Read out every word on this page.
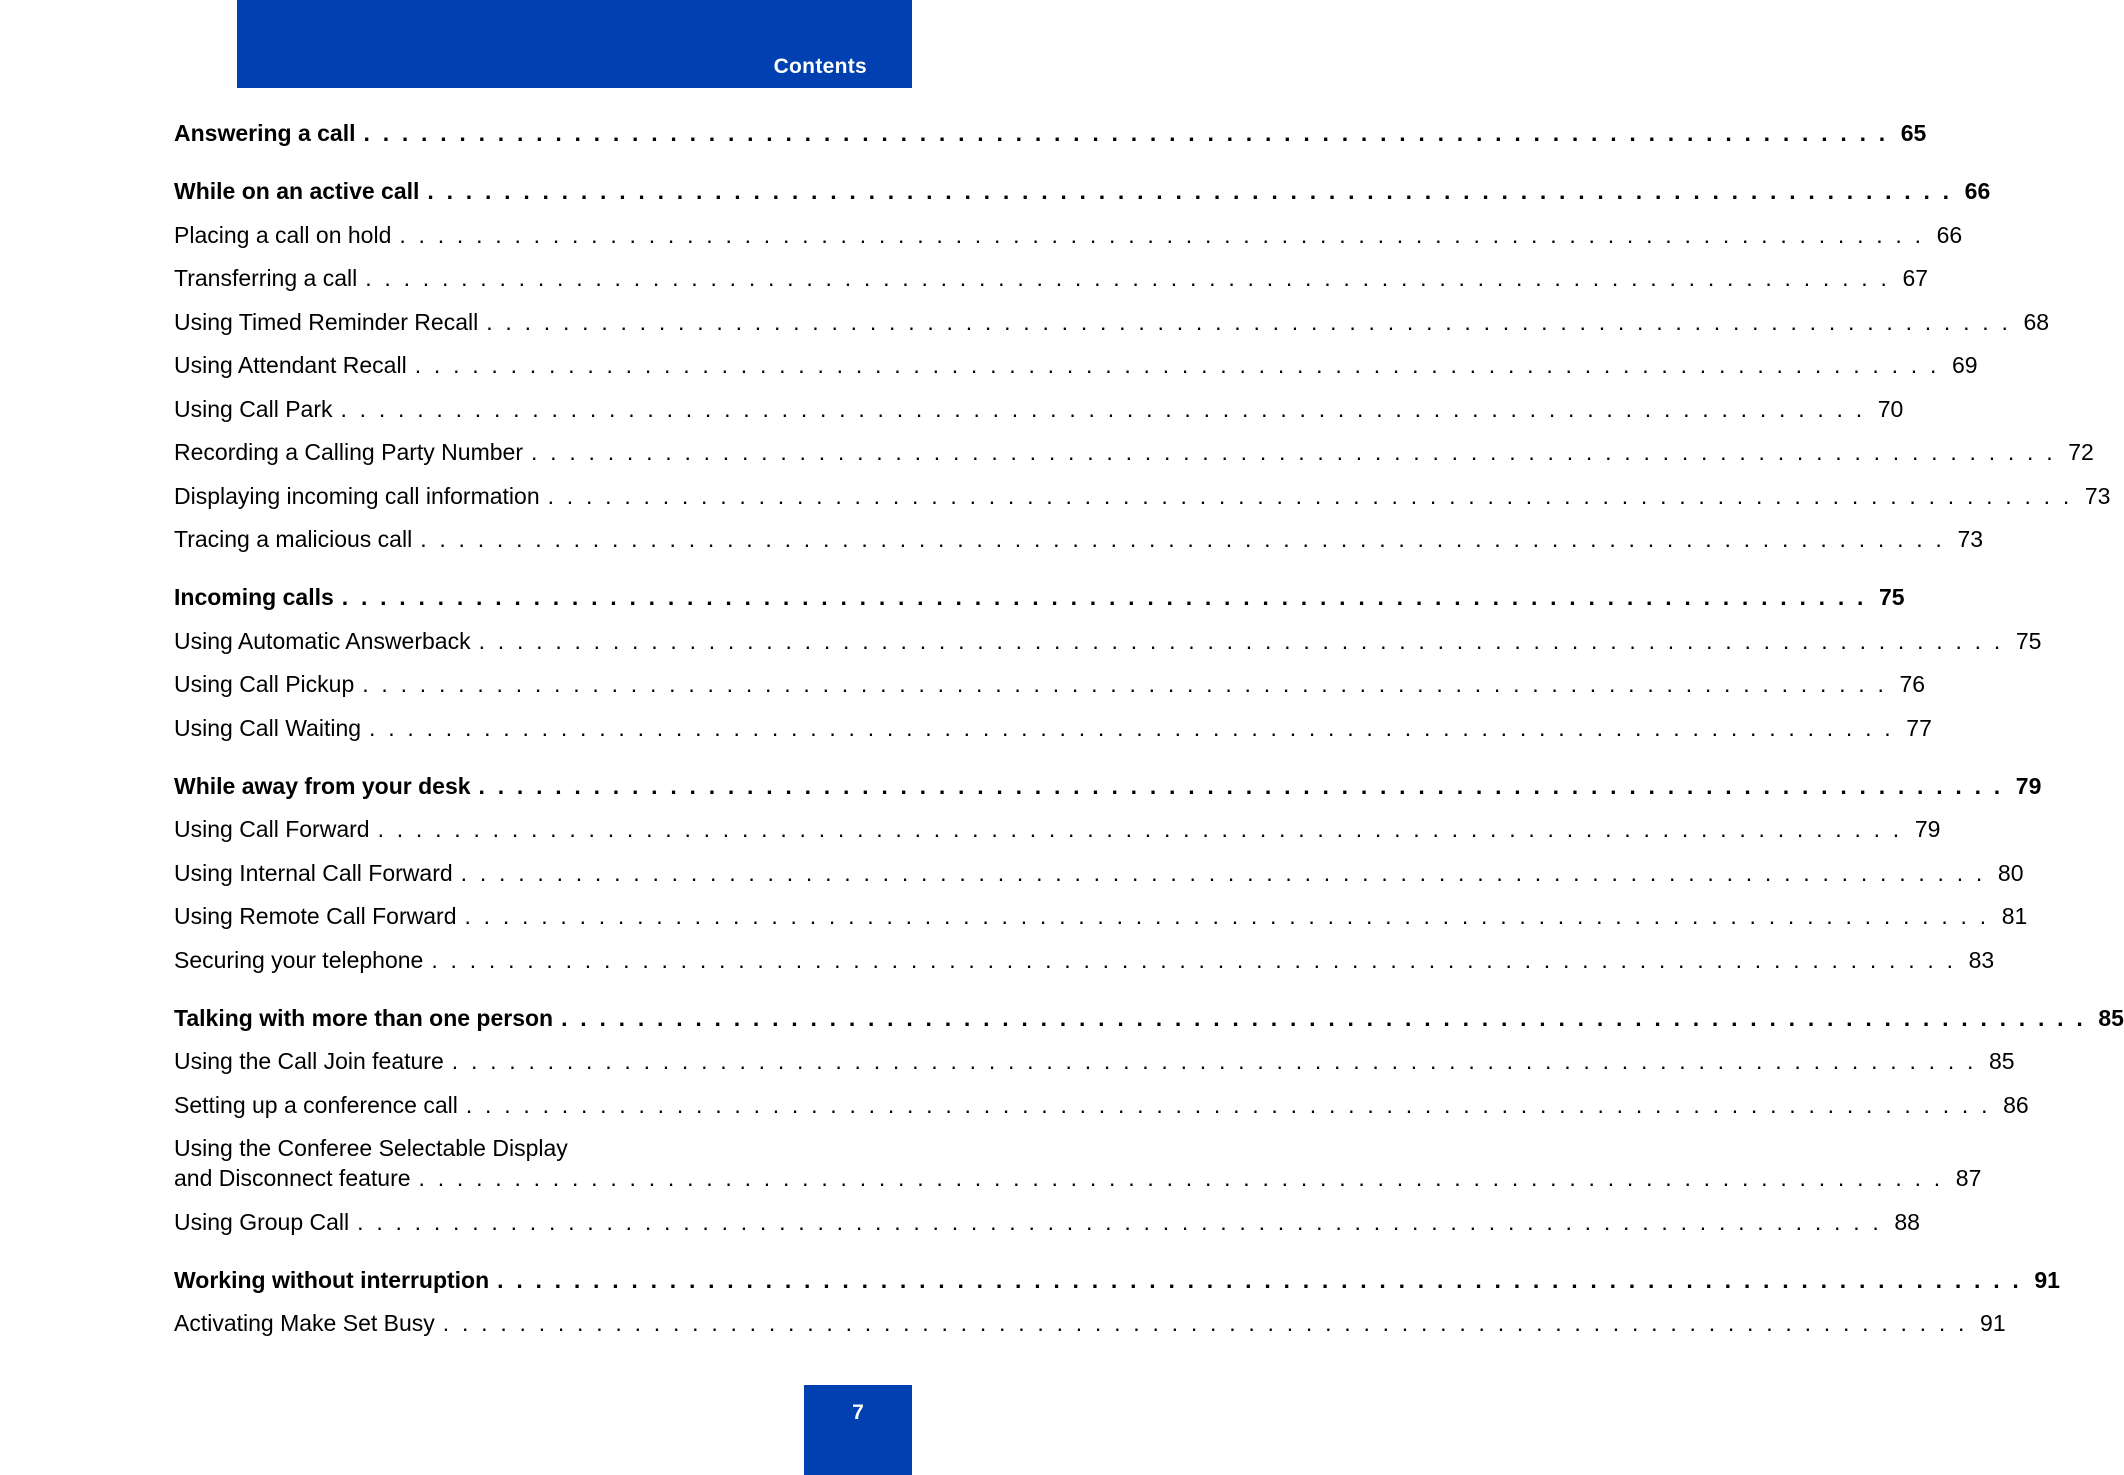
Contents
Answering a call . . . . . . . . . . . . . . . . . . . . . . . . . . . . . . . . . . . . . . . . . . . . . . . . . . . . . . . . . . . . . . . . . . . . . . . . . . . . . . . . 65
While on an active call . . . . . . . . . . . . . . . . . . . . . . . . . . . . . . . . . . . . . . . . . . . . . . . . . . . . . . . . . . . . . . . . . . . . . . . . . . . . . . . . 66
Placing a call on hold . . . . . . . . . . . . . . . . . . . . . . . . . . . . . . . . . . . . . . . . . . . . . . . . . . . . . . . . . . . . . . . . . . . . . . . . . . . . . . . . 66
Transferring a call . . . . . . . . . . . . . . . . . . . . . . . . . . . . . . . . . . . . . . . . . . . . . . . . . . . . . . . . . . . . . . . . . . . . . . . . . . . . . . . . 67
Using Timed Reminder Recall . . . . . . . . . . . . . . . . . . . . . . . . . . . . . . . . . . . . . . . . . . . . . . . . . . . . . . . . . . . . . . . . . . . . . . . . . . . . . . . . 68
Using Attendant Recall . . . . . . . . . . . . . . . . . . . . . . . . . . . . . . . . . . . . . . . . . . . . . . . . . . . . . . . . . . . . . . . . . . . . . . . . . . . . . . . . 69
Using Call Park . . . . . . . . . . . . . . . . . . . . . . . . . . . . . . . . . . . . . . . . . . . . . . . . . . . . . . . . . . . . . . . . . . . . . . . . . . . . . . . . 70
Recording a Calling Party Number . . . . . . . . . . . . . . . . . . . . . . . . . . . . . . . . . . . . . . . . . . . . . . . . . . . . . . . . . . . . . . . . . . . . . . . . . . . . . . . . 72
Displaying incoming call information . . . . . . . . . . . . . . . . . . . . . . . . . . . . . . . . . . . . . . . . . . . . . . . . . . . . . . . . . . . . . . . . . . . . . . . . . . . . . . . . 73
Tracing a malicious call . . . . . . . . . . . . . . . . . . . . . . . . . . . . . . . . . . . . . . . . . . . . . . . . . . . . . . . . . . . . . . . . . . . . . . . . . . . . . . . . 73
Incoming calls . . . . . . . . . . . . . . . . . . . . . . . . . . . . . . . . . . . . . . . . . . . . . . . . . . . . . . . . . . . . . . . . . . . . . . . . . . . . . . . . 75
Using Automatic Answerback . . . . . . . . . . . . . . . . . . . . . . . . . . . . . . . . . . . . . . . . . . . . . . . . . . . . . . . . . . . . . . . . . . . . . . . . . . . . . . . . 75
Using Call Pickup . . . . . . . . . . . . . . . . . . . . . . . . . . . . . . . . . . . . . . . . . . . . . . . . . . . . . . . . . . . . . . . . . . . . . . . . . . . . . . . . 76
Using Call Waiting . . . . . . . . . . . . . . . . . . . . . . . . . . . . . . . . . . . . . . . . . . . . . . . . . . . . . . . . . . . . . . . . . . . . . . . . . . . . . . . . 77
While away from your desk . . . . . . . . . . . . . . . . . . . . . . . . . . . . . . . . . . . . . . . . . . . . . . . . . . . . . . . . . . . . . . . . . . . . . . . . . . . . . . . . 79
Using Call Forward . . . . . . . . . . . . . . . . . . . . . . . . . . . . . . . . . . . . . . . . . . . . . . . . . . . . . . . . . . . . . . . . . . . . . . . . . . . . . . . . 79
Using Internal Call Forward . . . . . . . . . . . . . . . . . . . . . . . . . . . . . . . . . . . . . . . . . . . . . . . . . . . . . . . . . . . . . . . . . . . . . . . . . . . . . . . . 80
Using Remote Call Forward . . . . . . . . . . . . . . . . . . . . . . . . . . . . . . . . . . . . . . . . . . . . . . . . . . . . . . . . . . . . . . . . . . . . . . . . . . . . . . . . 81
Securing your telephone . . . . . . . . . . . . . . . . . . . . . . . . . . . . . . . . . . . . . . . . . . . . . . . . . . . . . . . . . . . . . . . . . . . . . . . . . . . . . . . . 83
Talking with more than one person . . . . . . . . . . . . . . . . . . . . . . . . . . . . . . . . . . . . . . . . . . . . . . . . . . . . . . . . . . . . . . . . . . . . . . . . . . . . . . . . 85
Using the Call Join feature . . . . . . . . . . . . . . . . . . . . . . . . . . . . . . . . . . . . . . . . . . . . . . . . . . . . . . . . . . . . . . . . . . . . . . . . . . . . . . . . 85
Setting up a conference call . . . . . . . . . . . . . . . . . . . . . . . . . . . . . . . . . . . . . . . . . . . . . . . . . . . . . . . . . . . . . . . . . . . . . . . . . . . . . . . . 86
Using the Conferee Selectable Display
and Disconnect feature . . . . . . . . . . . . . . . . . . . . . . . . . . . . . . . . . . . . . . . . . . . . . . . . . . . . . . . . . . . . . . . . . . . . . . . . . . . . . . . . 87
Using Group Call . . . . . . . . . . . . . . . . . . . . . . . . . . . . . . . . . . . . . . . . . . . . . . . . . . . . . . . . . . . . . . . . . . . . . . . . . . . . . . . . 88
Working without interruption . . . . . . . . . . . . . . . . . . . . . . . . . . . . . . . . . . . . . . . . . . . . . . . . . . . . . . . . . . . . . . . . . . . . . . . . . . . . . . . . 91
Activating Make Set Busy . . . . . . . . . . . . . . . . . . . . . . . . . . . . . . . . . . . . . . . . . . . . . . . . . . . . . . . . . . . . . . . . . . . . . . . . . . . . . . . . 91
7
